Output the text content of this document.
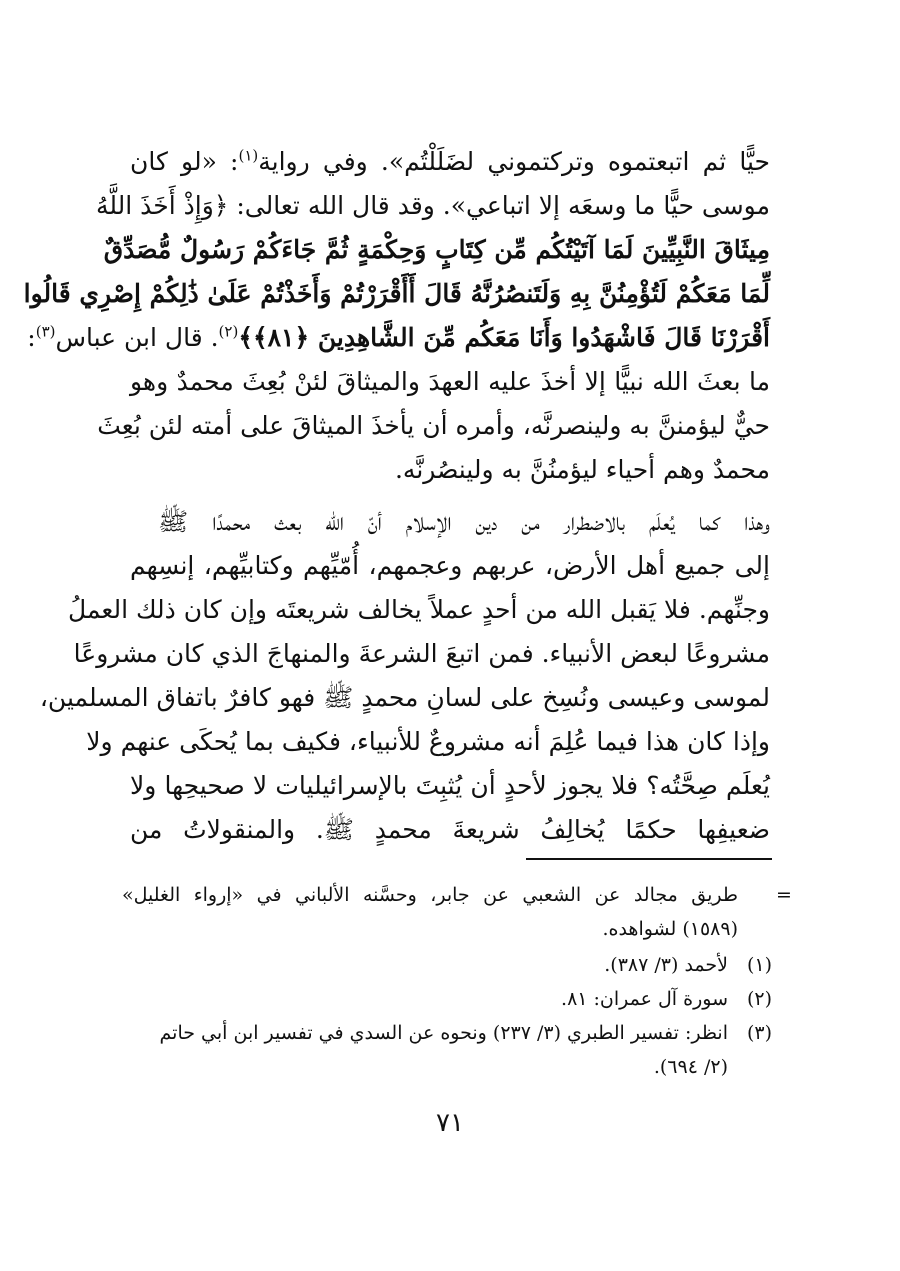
حيًّا ثم اتبعتموه وتركتموني لضَلَلْتُم». وفي رواية$^{(١)}$: «لو كان
موسى حيًّا ما وسعَه إلا اتباعي». وقد قال الله تعالى: ﴿وَإِذْ أَخَذَ اللَّهُ
مِيثَاقَ النَّبِيِّينَ لَمَا آتَيْتُكُم مِّن كِتَابٍ وَحِكْمَةٍ ثُمَّ جَاءَكُمْ رَسُولٌ مُّصَدِّقٌ
لِّمَا مَعَكُمْ لَتُؤْمِنُنَّ بِهِ وَلَتَنصُرُنَّهُ قَالَ أَأَقْرَرْتُمْ وَأَخَذْتُمْ عَلَىٰ ذَٰلِكُمْ إِصْرِي قَالُوا
أَقْرَرْنَا قَالَ فَاشْهَدُوا وَأَنَا مَعَكُم مِّنَ الشَّاهِدِينَ ﴿٨١﴾﴾$^{(٢)}$. قال ابن عباس$^{(٣)}$:
ما بعثَ الله نبيًّا إلا أخذَ عليه العهدَ والميثاقَ لئنْ بُعِثَ محمدٌ وهو
حيٌّ ليؤمننَّ به ولينصرنَّه، وأمره أن يأخذَ الميثاقَ على أمته لئن بُعِثَ
محمدٌ وهم أحياء ليؤمنُنَّ به ولينصُرنَّه.
وهذا كما يُعلَم بالاضطرار من دين الإسلام أنّ الله بعث محمدًا ﷺ
إلى جميع أهل الأرض، عربهم وعجمهم، أُمّيِّهم وكتابيِّهم، إنسِهم
وجنِّهم. فلا يَقبل الله من أحدٍ عملاً يخالف شريعتَه وإن كان ذلك العملُ
مشروعًا لبعض الأنبياء. فمن اتبعَ الشرعةَ والمنهاجَ الذي كان مشروعًا
لموسى وعيسى ونُسِخ على لسانِ محمدٍ ﷺ فهو كافرٌ باتفاق المسلمين،
وإذا كان هذا فيما عُلِمَ أنه مشروعٌ للأنبياء، فكيف بما يُحكَى عنهم ولا
يُعلَم صِحَّتُه؟ فلا يجوز لأحدٍ أن يُثبِتَ بالإسرائيليات لا صحيحِها ولا
ضعيفِها حكمًا يُخالِفُ شريعةَ محمدٍ ﷺ. والمنقولاتُ من
=
طريق مجالد عن الشعبي عن جابر، وحسَّنه الألباني في «إرواء الغليل»
(١٥٨٩) لشواهده.
(١)لأحمد (٣/ ٣٨٧).
(٢)سورة آل عمران: ٨١.
(٣)انظر: تفسير الطبري (٣/ ٢٣٧) ونحوه عن السدي في تفسير ابن أبي حاتم
(٢/ ٦٩٤).
٧١
